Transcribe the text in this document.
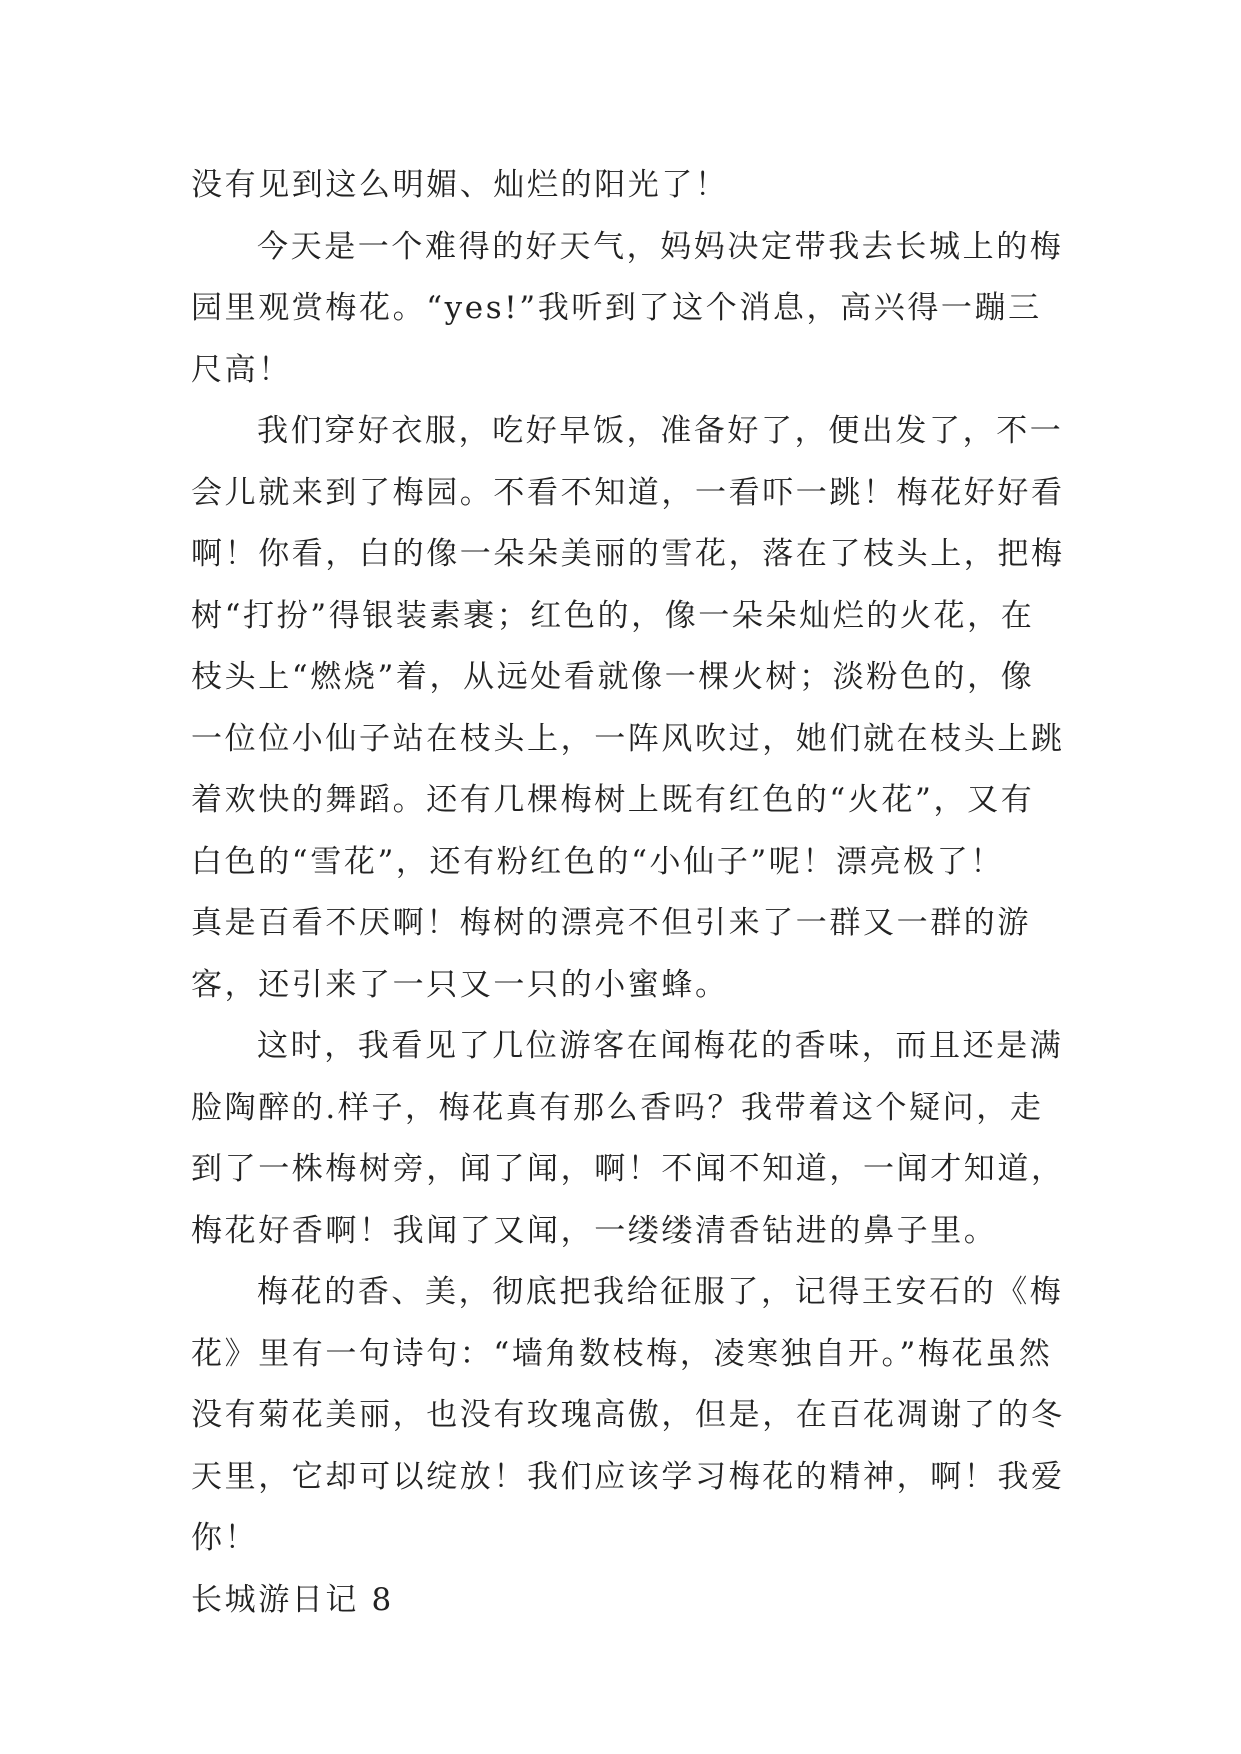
没有见到这么明媚、灿烂的阳光了！
今天是一个难得的好天气，妈妈决定带我去长城上的梅
园里观赏梅花。“yes!”我听到了这个消息，高兴得一蹦三
尺高！
我们穿好衣服，吃好早饭，准备好了，便出发了，不一
会儿就来到了梅园。不看不知道，一看吓一跳！梅花好好看
啊！你看，白的像一朵朵美丽的雪花，落在了枝头上，把梅
树“打扮”得银装素裹；红色的，像一朵朵灿烂的火花，在
枝头上“燃烧”着，从远处看就像一棵火树；淡粉色的，像
一位位小仙子站在枝头上，一阵风吹过，她们就在枝头上跳
着欢快的舞蹈。还有几棵梅树上既有红色的“火花”，又有
白色的“雪花”，还有粉红色的“小仙子”呢！漂亮极了！
真是百看不厌啊！梅树的漂亮不但引来了一群又一群的游
客，还引来了一只又一只的小蜜蜂。
这时，我看见了几位游客在闻梅花的香味，而且还是满
脸陶醉的.样子，梅花真有那么香吗？我带着这个疑问，走
到了一株梅树旁，闻了闻，啊！不闻不知道，一闻才知道，
梅花好香啊！我闻了又闻，一缕缕清香钻进的鼻子里。
梅花的香、美，彻底把我给征服了，记得王安石的《梅
花》里有一句诗句：“墙角数枝梅，凌寒独自开。”梅花虽然
没有菊花美丽，也没有玫瑰高傲，但是，在百花凋谢了的冬
天里，它却可以绽放！我们应该学习梅花的精神，啊！我爱
你！
长城游日记 8
